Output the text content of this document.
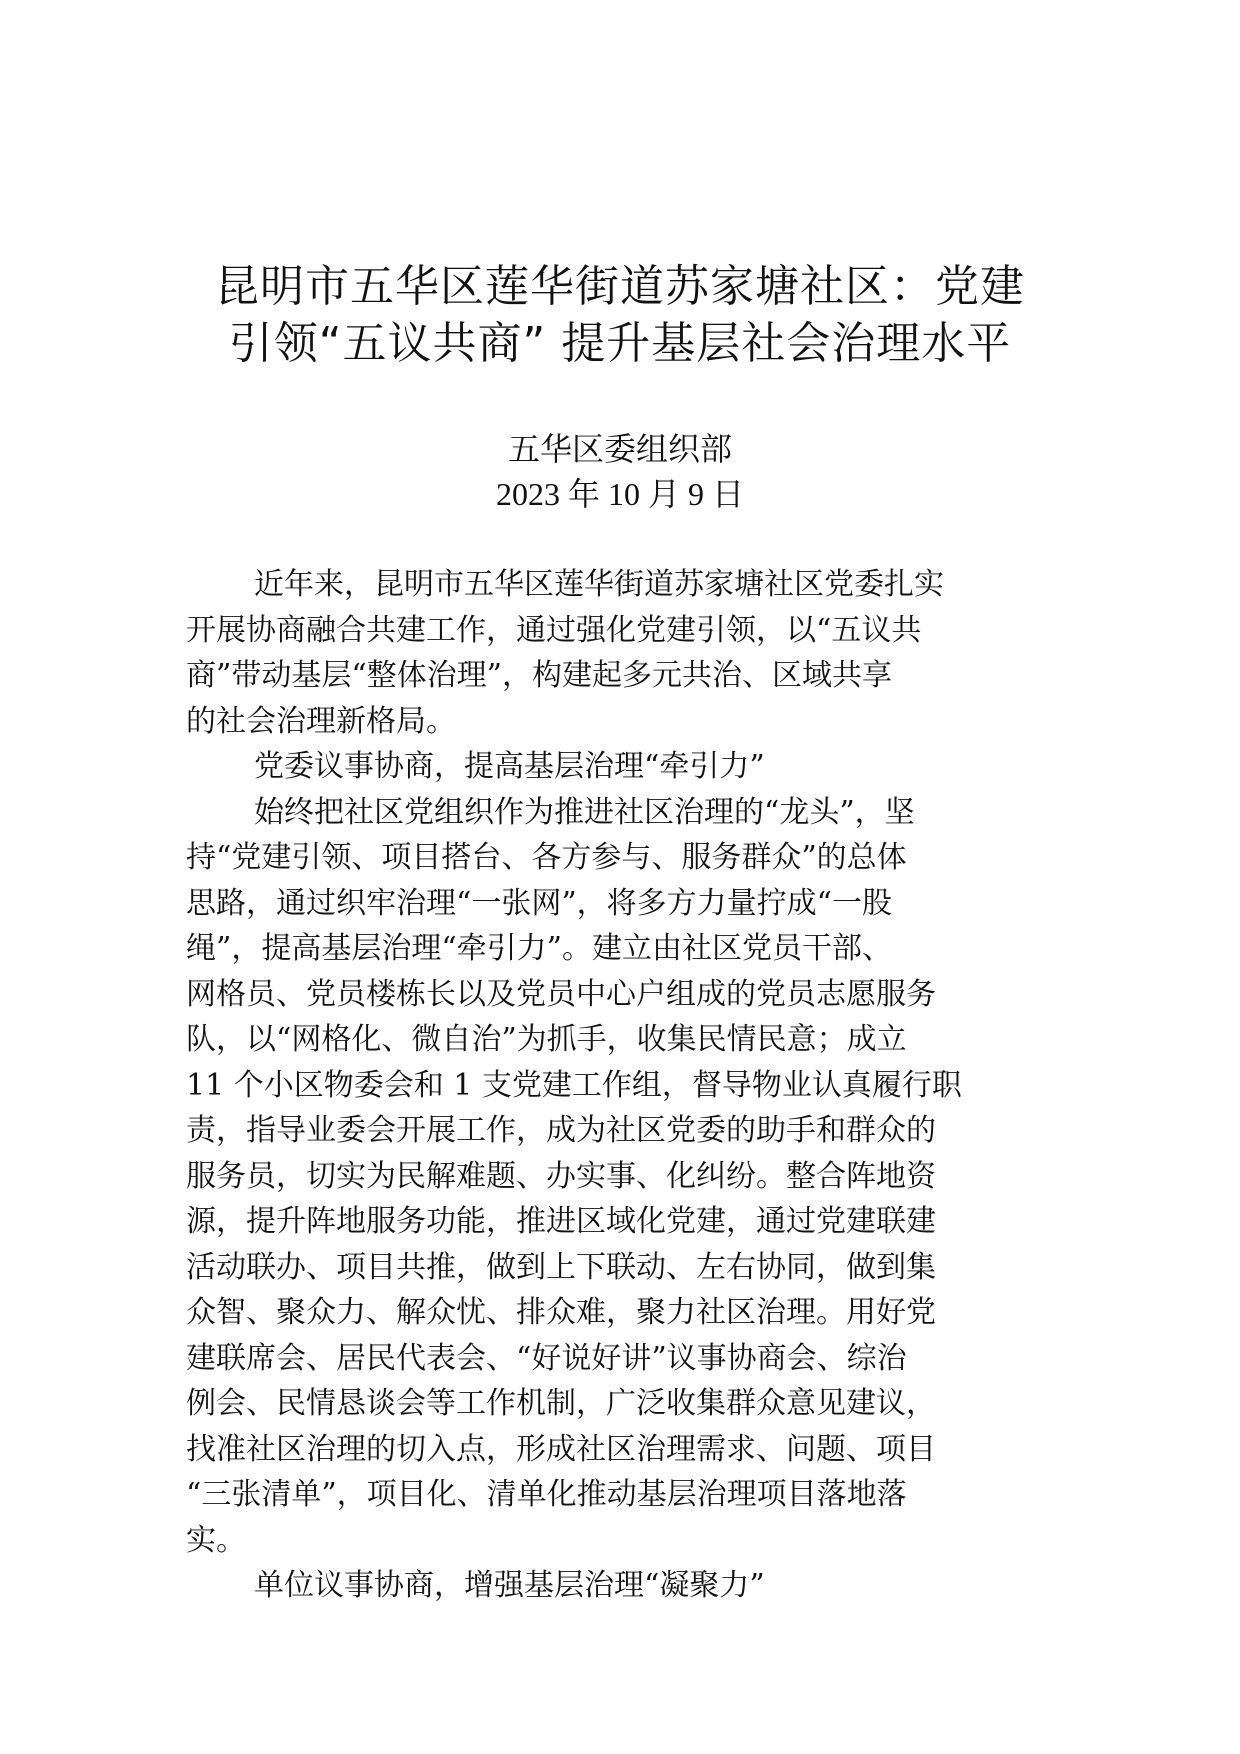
昆明市五华区莲华街道苏家塘社区：党建
引领“五议共商” 提升基层社会治理水平
五华区委组织部
2023 年 10 月 9 日

近年来，昆明市五华区莲华街道苏家塘社区党委扎实
开展协商融合共建工作，通过强化党建引领，以“五议共
商”带动基层“整体治理”，构建起多元共治、区域共享
的社会治理新格局。

党委议事协商，提高基层治理“牵引力”

始终把社区党组织作为推进社区治理的“龙头”，坚
持“党建引领、项目搭台、各方参与、服务群众”的总体
思路，通过织牢治理“一张网”，将多方力量拧成“一股
绳”，提高基层治理“牵引力”。建立由社区党员干部、
网格员、党员楼栋长以及党员中心户组成的党员志愿服务
队，以“网格化、微自治”为抓手，收集民情民意；成立
11 个小区物委会和 1 支党建工作组，督导物业认真履行职
责，指导业委会开展工作，成为社区党委的助手和群众的
服务员，切实为民解难题、办实事、化纠纷。整合阵地资
源，提升阵地服务功能，推进区域化党建，通过党建联建
活动联办、项目共推，做到上下联动、左右协同，做到集
众智、聚众力、解众忧、排众难，聚力社区治理。用好党
建联席会、居民代表会、“好说好讲”议事协商会、综治
例会、民情恳谈会等工作机制，广泛收集群众意见建议，
找准社区治理的切入点，形成社区治理需求、问题、项目
“三张清单”，项目化、清单化推动基层治理项目落地落
实。

单位议事协商，增强基层治理“凝聚力”
